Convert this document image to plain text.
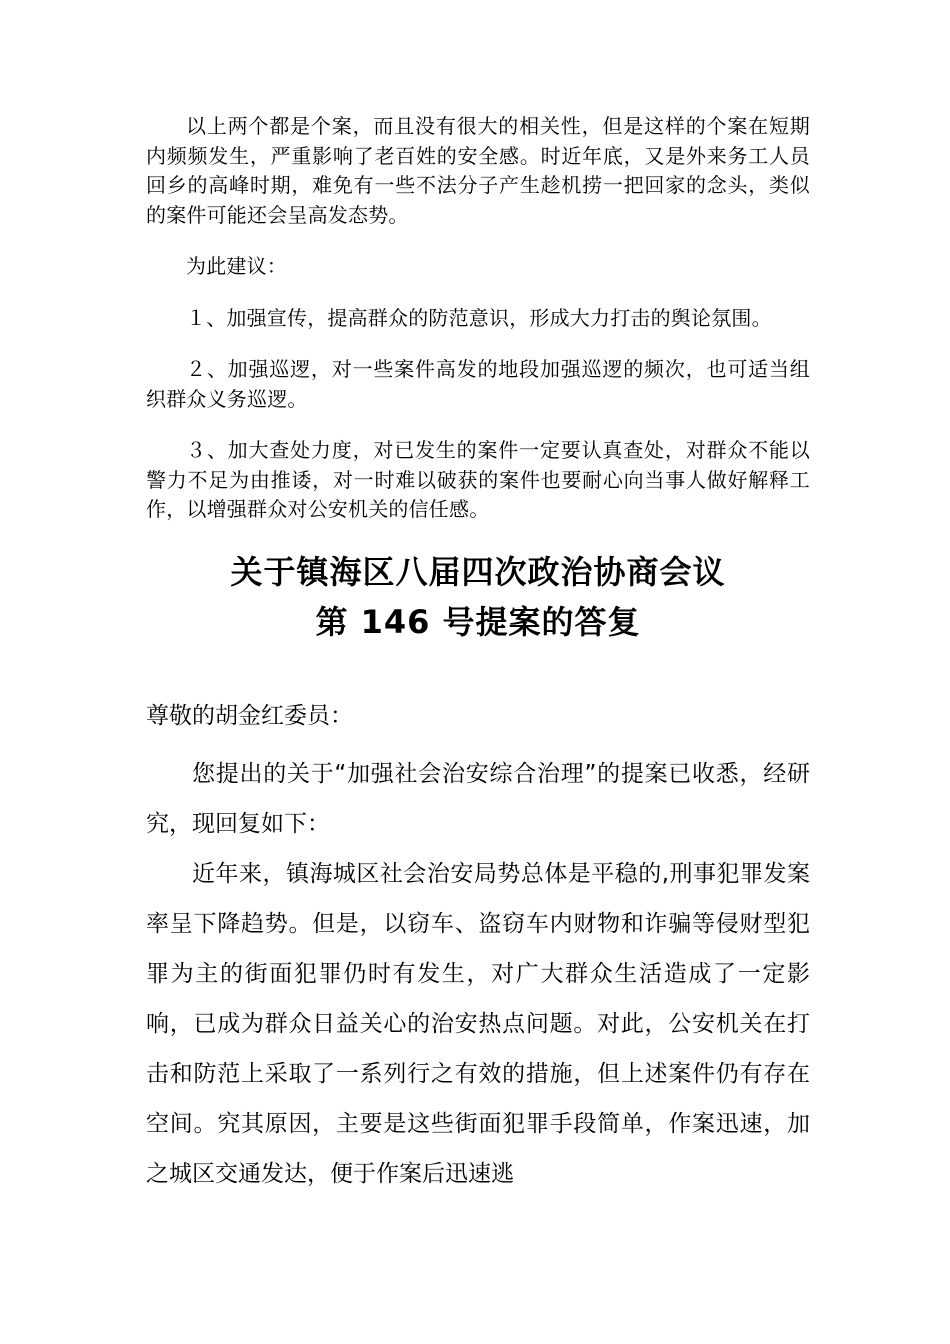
以上两个都是个案，而且没有很大的相关性，但是这样的个案在短期内频频发生，严重影响了老百姓的安全感。时近年底，又是外来务工人员回乡的高峰时期，难免有一些不法分子产生趁机捞一把回家的念头，类似的案件可能还会呈高发态势。

为此建议：

１、加强宣传，提高群众的防范意识，形成大力打击的舆论氛围。

２、加强巡逻，对一些案件高发的地段加强巡逻的频次，也可适当组织群众义务巡逻。

３、加大查处力度，对已发生的案件一定要认真查处，对群众不能以警力不足为由推诿，对一时难以破获的案件也要耐心向当事人做好解释工作，以增强群众对公安机关的信任感。

关于镇海区八届四次政治协商会议
第 146 号提案的答复
尊敬的胡金红委员：

您提出的关于“加强社会治安综合治理”的提案已收悉，经研究，现回复如下：

近年来，镇海城区社会治安局势总体是平稳的,刑事犯罪发案率呈下降趋势。但是，以窃车、盗窃车内财物和诈骗等侵财型犯罪为主的街面犯罪仍时有发生，对广大群众生活造成了一定影响，已成为群众日益关心的治安热点问题。对此，公安机关在打击和防范上采取了一系列行之有效的措施，但上述案件仍有存在空间。究其原因，主要是这些街面犯罪手段简单，作案迅速，加之城区交通发达，便于作案后迅速逃
